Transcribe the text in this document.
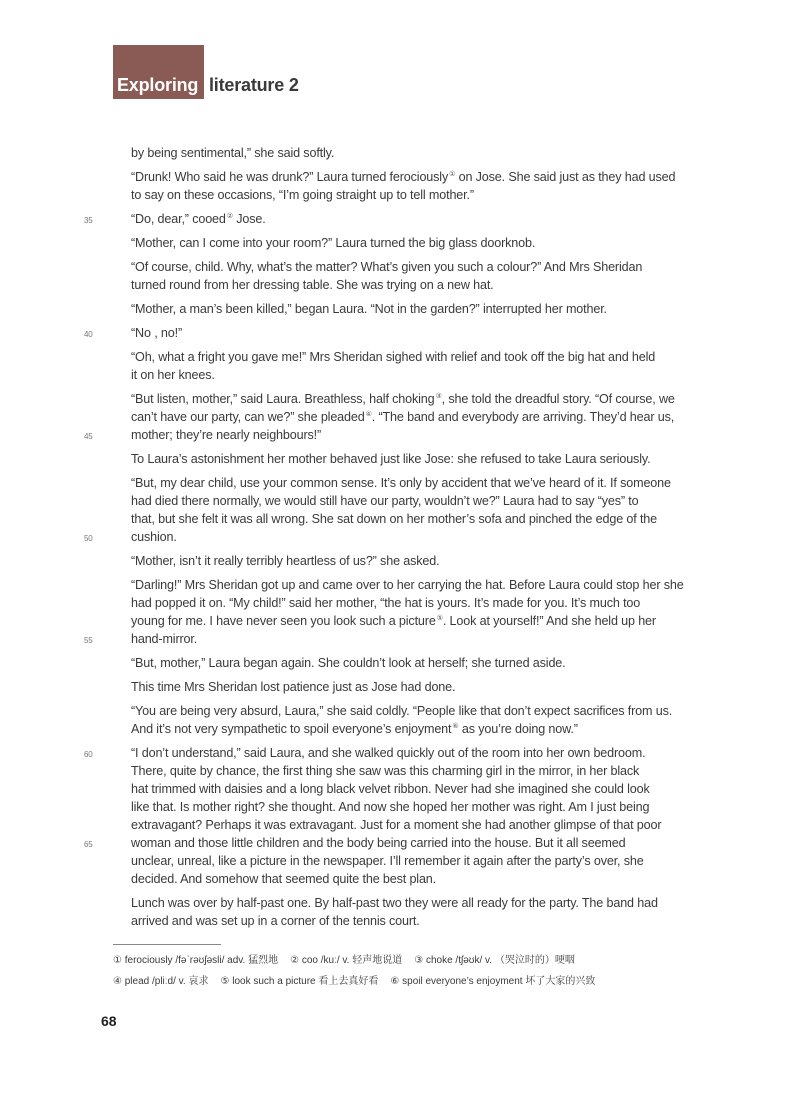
Exploring literature 2

by being sentimental,” she said softly.

“Drunk! Who said he was drunk?” Laura turned ferociously① on Jose. She said just as they had used
to say on these occasions, “I’m going straight up to tell mother.”

35	“Do, dear,” cooed② Jose.

“Mother, can I come into your room?” Laura turned the big glass doorknob.

“Of course, child. Why, what’s the matter? What’s given you such a colour?” And Mrs Sheridan
turned round from her dressing table. She was trying on a new hat.

“Mother, a man’s been killed,” began Laura. “Not in the garden?” interrupted her mother.

40	“No , no!”

“Oh, what a fright you gave me!” Mrs Sheridan sighed with relief and took off the big hat and held
it on her knees.

“But listen, mother,” said Laura. Breathless, half choking③, she told the dreadful story. “Of course, we
can’t have our party, can we?” she pleaded④. “The band and everybody are arriving. They’d hear us,
45	mother; they’re nearly neighbours!”

To Laura’s astonishment her mother behaved just like Jose: she refused to take Laura seriously.

“But, my dear child, use your common sense. It’s only by accident that we’ve heard of it. If someone
had died there normally, we would still have our party, wouldn’t we?” Laura had to say “yes” to
that, but she felt it was all wrong. She sat down on her mother’s sofa and pinched the edge of the
50	cushion.

“Mother, isn’t it really terribly heartless of us?” she asked.

“Darling!” Mrs Sheridan got up and came over to her carrying the hat. Before Laura could stop her she
had popped it on. “My child!” said her mother, “the hat is yours. It’s made for you. It’s much too
young for me. I have never seen you look such a picture⑤. Look at yourself!” And she held up her
55	hand-mirror.

“But, mother,” Laura began again. She couldn’t look at herself; she turned aside.

This time Mrs Sheridan lost patience just as Jose had done.

“You are being very absurd, Laura,” she said coldly. “People like that don’t expect sacrifices from us.
And it’s not very sympathetic to spoil everyone’s enjoyment⑥ as you’re doing now.”

60	“I don’t understand,” said Laura, and she walked quickly out of the room into her own bedroom.
There, quite by chance, the first thing she saw was this charming girl in the mirror, in her black
hat trimmed with daisies and a long black velvet ribbon. Never had she imagined she could look
like that. Is mother right? she thought. And now she hoped her mother was right. Am I just being
extravagant? Perhaps it was extravagant. Just for a moment she had another glimpse of that poor
65	woman and those little children and the body being carried into the house. But it all seemed
unclear, unreal, like a picture in the newspaper. I’ll remember it again after the party’s over, she
decided. And somehow that seemed quite the best plan.

Lunch was over by half-past one. By half-past two they were all ready for the party. The band had
arrived and was set up in a corner of the tennis court.

① ferociously /fəˈrəʊʃəsli/ adv. 猛烈地 ② coo /kuː/ v. 轻声地说道 ③ choke /tʃəʊk/ v. （哭泣时的）哽咽
④ plead /pliːd/ v. 哀求 ⑤ look such a picture 看上去真好看 ⑥ spoil everyone’s enjoyment 坏了大家的兴致
68
